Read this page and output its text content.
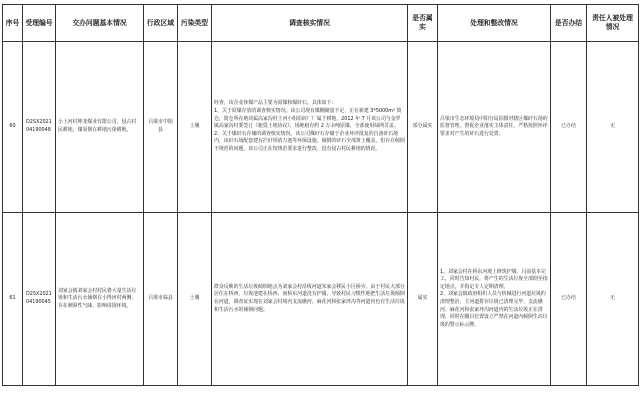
序号	受理编号	交办问题基本情况	行政区域	污染类型	调查核实情况	是否属实	处理和整改情况	是否办结	责任人被处理情况
60	D2SX202104190048	小土河村坤龙煤业有限公司，侵占村民耕地，煤炭倒在耕地污染耕地。	吕梁市中阳县	土壤	经查，该企业涉煤产品主要为原煤和煤矸石。具体如下：
1、关于原煤存放的调查核实情况。该公司现有煤棚储量不足，正在新建 3*5000m³ 筒仓，筒仓所在地块属高家沟村土河小组原砖厂厂属于耕地，2012 年 7 月该公司与金罗镇高家沟村委签订《租赁土地协议》，场地租有约 2 万余吨原煤，全部使用绿网苫盖。
2、关于煤矸石存储的调查核实情况。该公司煤矸石存储于企业环评批复的自备矸石场内，该矸石场配套建有拦矸坝消力池等环保设施，倾倒的矸石全部黄土覆盖，但存在倾倒不规范的问题，该公司正在按规范要求进行整改，没有侵占村民耕地的情况。	部分属实	吕梁市生态环境局中阳分局拍摄对辖区煤矸石场的监督管理，督促企业落实主体责任，严格按照环评要求对产生的矸石进行处置。	已办结	无
61	D2SX202104190045	刘家会镇刘家会村村民将大量生活垃圾和生活污水倾倒在小得河村两侧，存在刺鼻性气味，影响周围环境。	吕梁市临县	土壤	群众反映的生活垃圾倾倒地点为刘家会村沿线河道朱家会移民小区桥旁。由于村民大部分居住在桥西，垃圾池建在桥西，南桥东河道没有护墙，导致村民习惯性地把生活垃圾倾倒在河道，调查证实现在刘家会村境内支流礁河、麻花河和张家坪沟等河道内也有生活垃圾和生活污水的倾倒问题。	属实	1、刘家会村在桥东河坡上修筑护墙，目前基本完工，同时告知村民，将产生的生活垃圾全部倒至指定地点，并指定专人定期清理。
2、刘家会镇政府组织人员与机械进行河道垃圾的清理整治，主河道排存垃圾已清理完毕，支流礁河、麻花河和张家坪沟河道内的生活垃圾正在清理，同时在醒目位置设立严禁在河道内倾倒生活垃圾的警示标示牌。	已办结	无
